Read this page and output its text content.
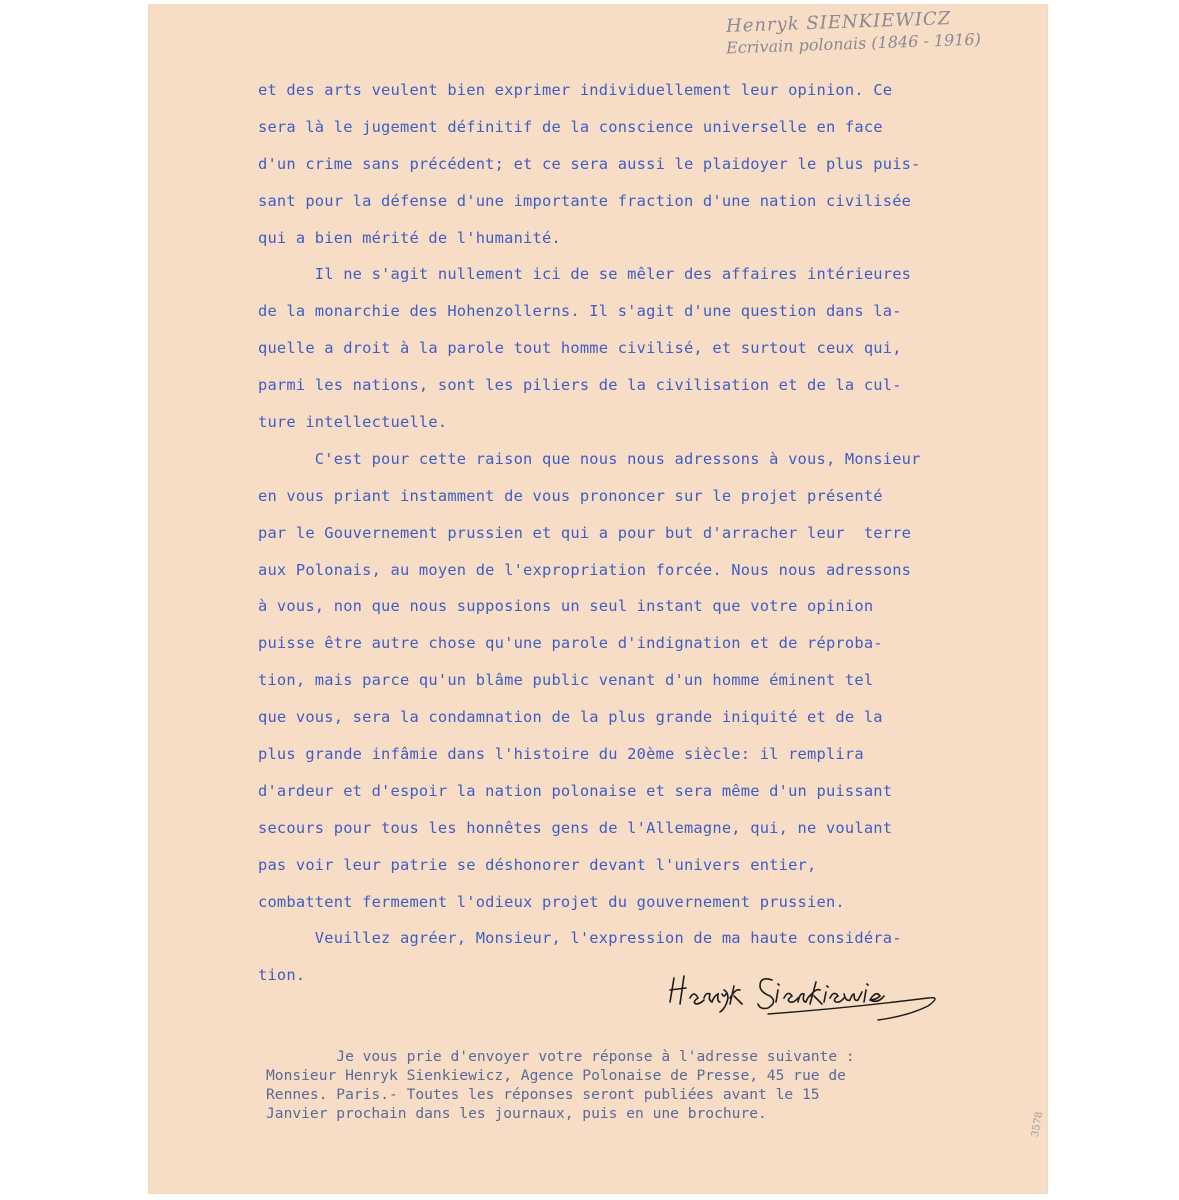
Henryk SIENKIEWICZ
Ecrivain polonais (1846 - 1916)
et des arts veulent bien exprimer individuellement leur opinion. Ce
sera là le jugement définitif de la conscience universelle en face
d'un crime sans précédent; et ce sera aussi le plaidoyer le plus puis-
sant pour la défense d'une importante fraction d'une nation civilisée
qui a bien mérité de l'humanité.
Il ne s'agit nullement ici de se mêler des affaires intérieures
de la monarchie des Hohenzollerns. Il s'agit d'une question dans la-
quelle a droit à la parole tout homme civilisé, et surtout ceux qui,
parmi les nations, sont les piliers de la civilisation et de la cul-
ture intellectuelle.
C'est pour cette raison que nous nous adressons à vous, Monsieur
en vous priant instamment de vous prononcer sur le projet présenté
par le Gouvernement prussien et qui a pour but d'arracher leur  terre
aux Polonais, au moyen de l'expropriation forcée. Nous nous adressons
à vous, non que nous supposions un seul instant que votre opinion
puisse être autre chose qu'une parole d'indignation et de réproba-
tion, mais parce qu'un blâme public venant d'un homme éminent tel
que vous, sera la condamnation de la plus grande iniquité et de la
plus grande infâmie dans l'histoire du 20ème siècle: il remplira
d'ardeur et d'espoir la nation polonaise et sera même d'un puissant
secours pour tous les honnêtes gens de l'Allemagne, qui, ne voulant
pas voir leur patrie se déshonorer devant l'univers entier,
combattent fermement l'odieux projet du gouvernement prussien.
Veuillez agréer, Monsieur, l'expression de ma haute considéra-
tion.
Je vous prie d'envoyer votre réponse à l'adresse suivante :
Monsieur Henryk Sienkiewicz, Agence Polonaise de Presse, 45 rue de
Rennes. Paris.- Toutes les réponses seront publiées avant le 15
Janvier prochain dans les journaux, puis en une brochure.	3578
